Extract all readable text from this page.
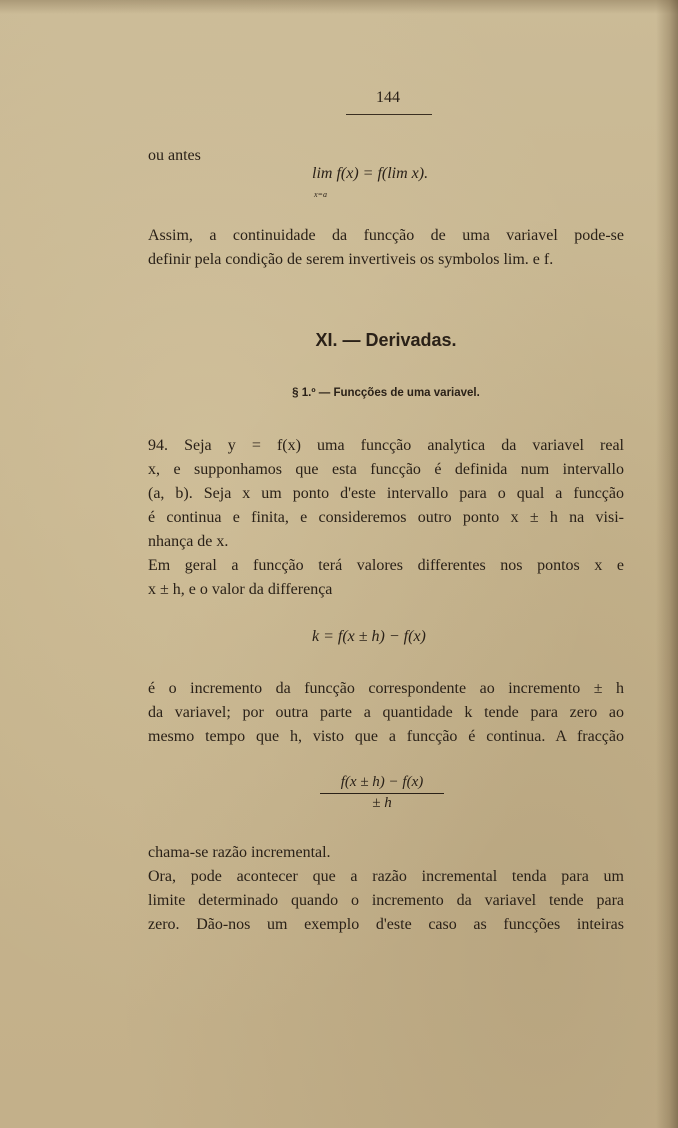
144
ou antes
lim f(x) = f(lim x).
x=a
Assim, a continuidade da funcção de uma variavel pode-se
definir pela condição de serem invertiveis os symbolos lim. e f.
XI. — Derivadas.
§ 1.º — Funcções de uma variavel.
94. Seja y = f(x) uma funcção analytica da variavel real
x, e supponhamos que esta funcção é definida num intervallo
(a, b). Seja x um ponto d'este intervallo para o qual a funcção
é continua e finita, e consideremos outro ponto x ± h na visi-
nhança de x.
Em geral a funcção terá valores differentes nos pontos x e
x ± h, e o valor da differença
k = f(x ± h) − f(x)
é o incremento da funcção correspondente ao incremento ± h
da variavel; por outra parte a quantidade k tende para zero ao
mesmo tempo que h, visto que a funcção é continua. A fracção
f(x ± h) − f(x)
± h
chama-se razão incremental.
Ora, pode acontecer que a razão incremental tenda para um
limite determinado quando o incremento da variavel tende para
zero. Dão-nos um exemplo d'este caso as funcções inteiras
